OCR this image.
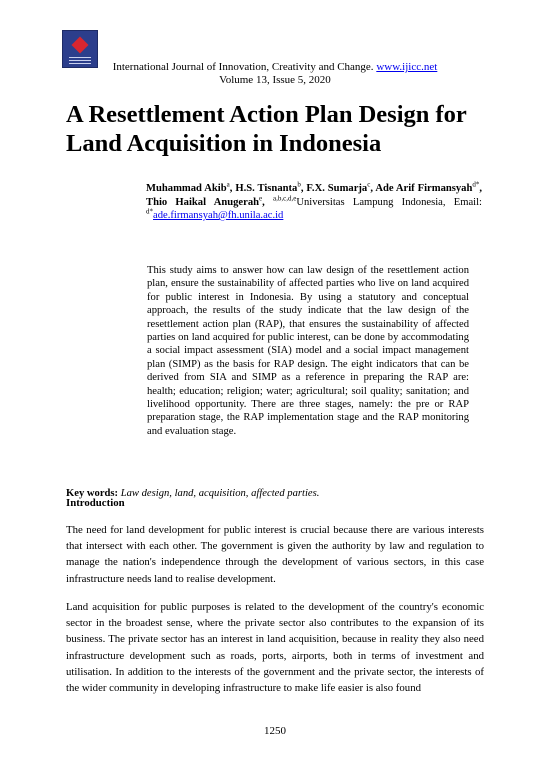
International Journal of Innovation, Creativity and Change. www.ijicc.net
Volume 13, Issue 5, 2020
A Resettlement Action Plan Design for Land Acquisition in Indonesia
Muhammad Akib$^a$, H.S. Tisnanta$^b$, F.X. Sumarja$^c$, Ade Arif Firmansyah$^{d*}$, Thio Haikal Anugerah$^e$, $^{a,b,c,d,e}$Universitas Lampung Indonesia, Email: $^{d*}$ade.firmansyah@fh.unila.ac.id

This study aims to answer how can law design of the resettlement action plan, ensure the sustainability of affected parties who live on land acquired for public interest in Indonesia. By using a statutory and conceptual approach, the results of the study indicate that the law design of the resettlement action plan (RAP), that ensures the sustainability of affected parties on land acquired for public interest, can be done by accommodating a social impact assessment (SIA) model and a social impact management plan (SIMP) as the basis for RAP design. The eight indicators that can be derived from SIA and SIMP as a reference in preparing the RAP are: health; education; religion; water; agricultural; soil quality; sanitation; and livelihood opportunity. There are three stages, namely: the pre or RAP preparation stage, the RAP implementation stage and the RAP monitoring and evaluation stage.

Key words: Law design, land, acquisition, affected parties.
Introduction

The need for land development for public interest is crucial because there are various interests that intersect with each other. The government is given the authority by law and regulation to manage the nation's independence through the development of various sectors, in this case infrastructure needs land to realise development.

Land acquisition for public purposes is related to the development of the country's economic sector in the broadest sense, where the private sector also contributes to the expansion of its business. The private sector has an interest in land acquisition, because in reality they also need infrastructure development such as roads, ports, airports, both in terms of investment and utilisation. In addition to the interests of the government and the private sector, the interests of the wider community in developing infrastructure to make life easier is also found

1250
